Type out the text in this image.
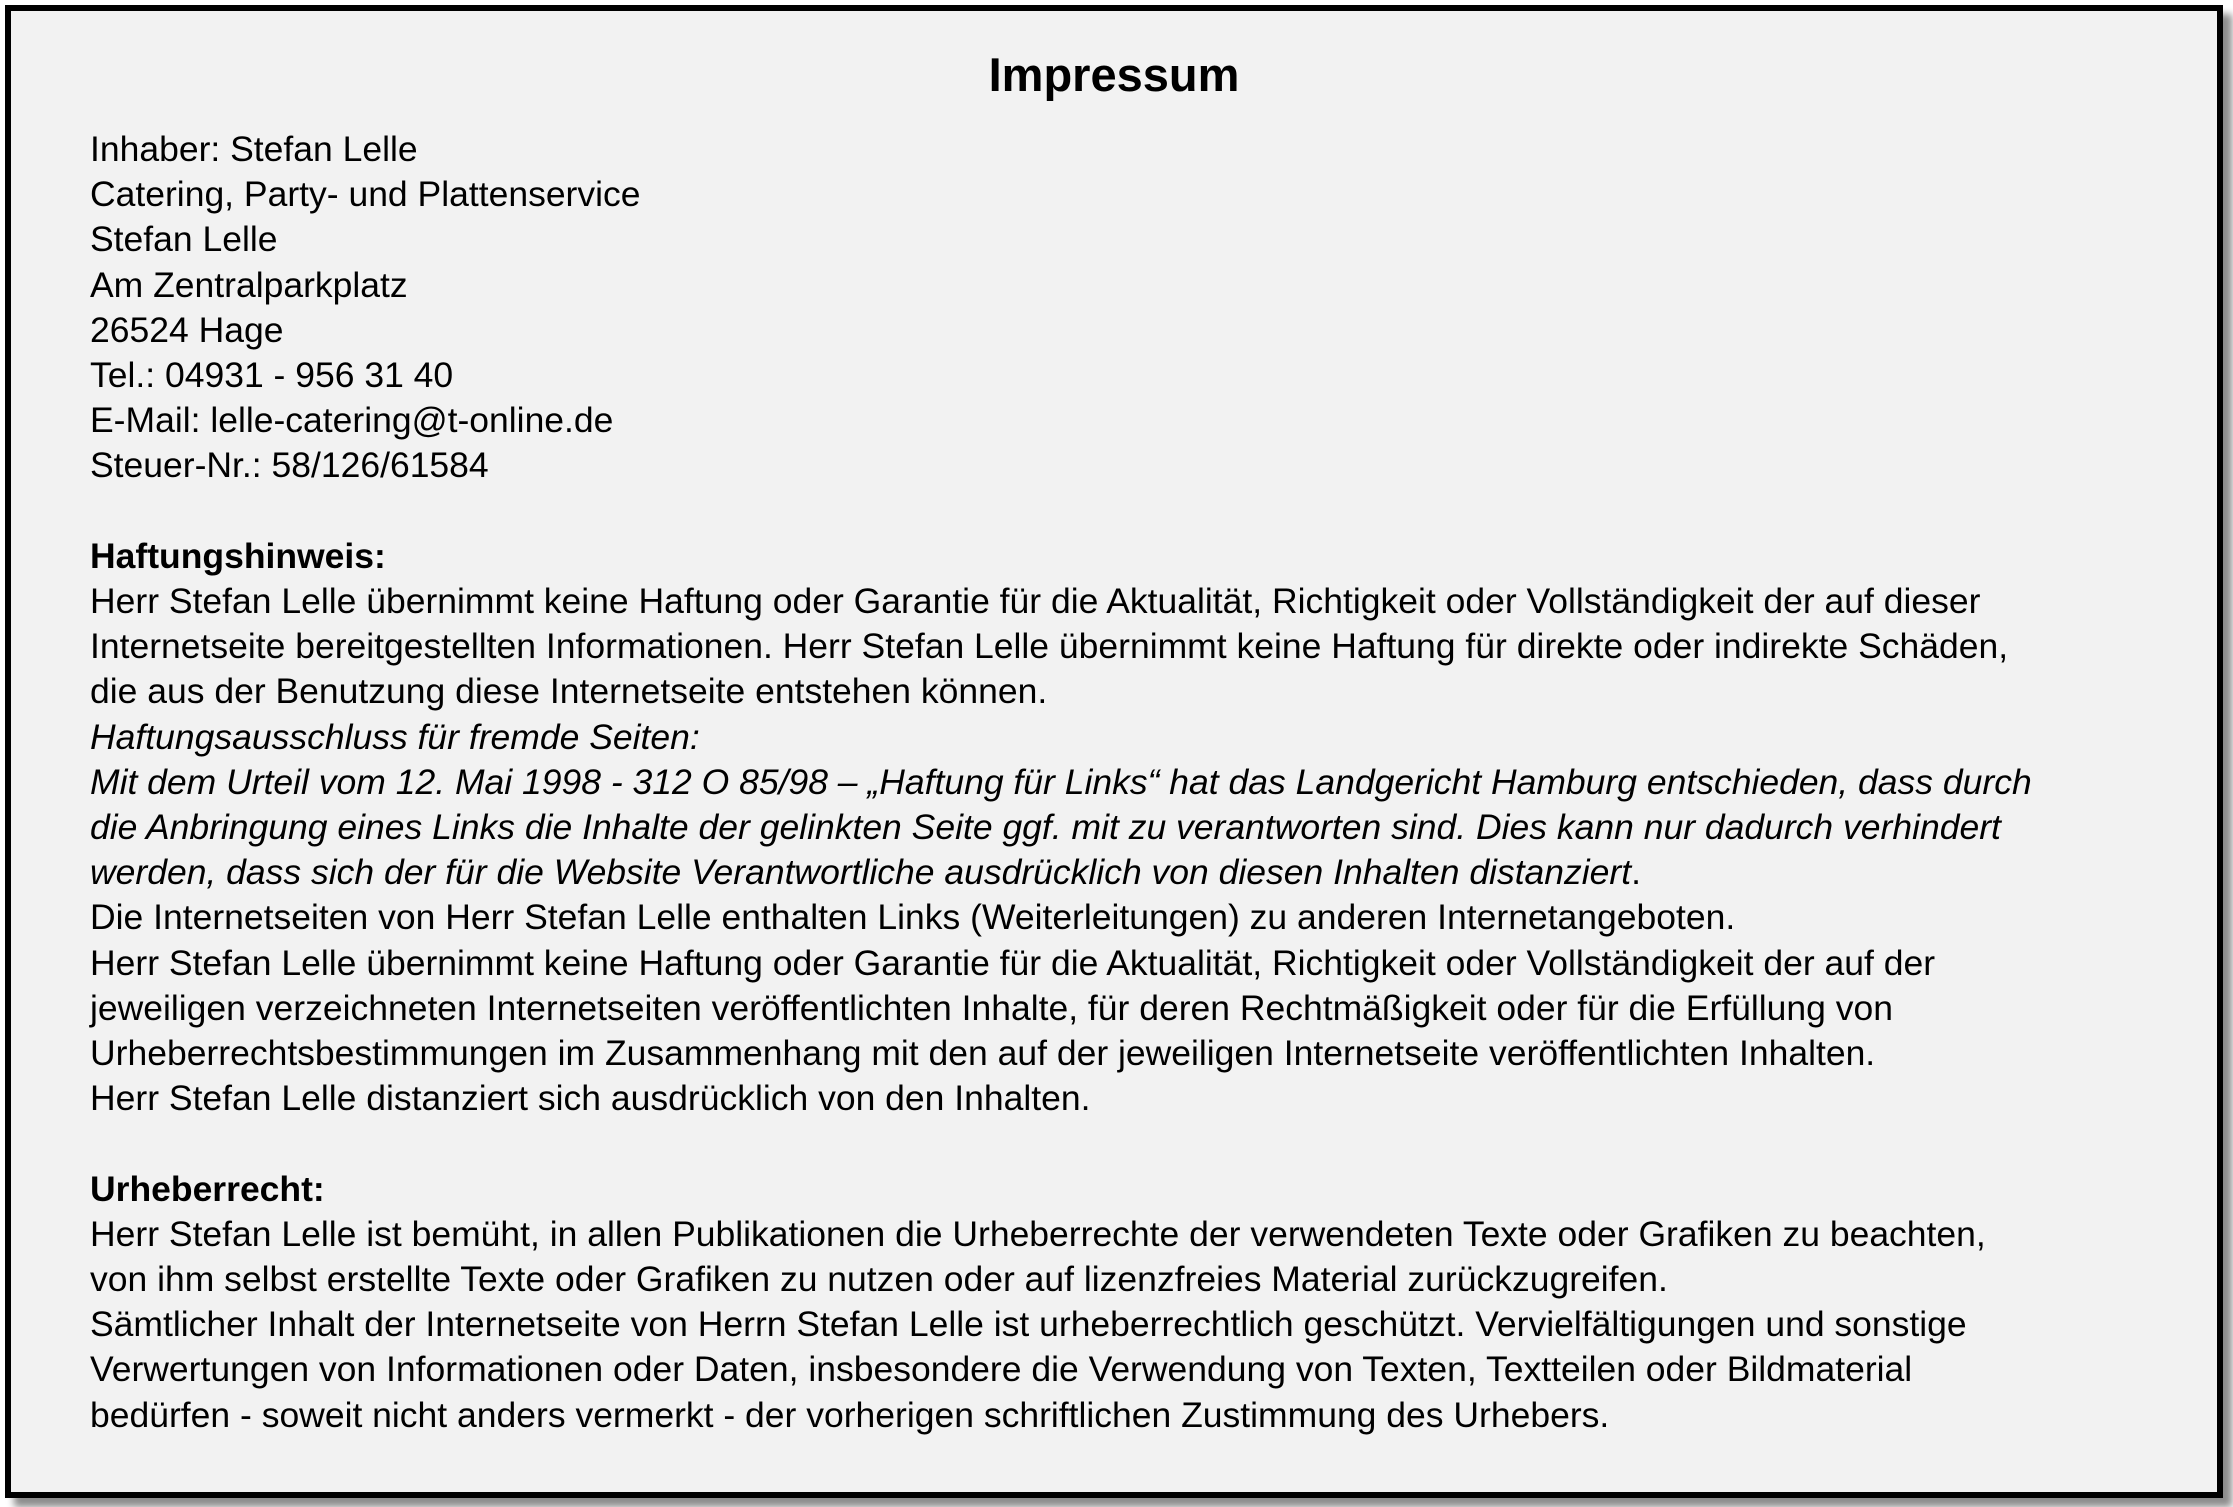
Impressum
Inhaber: Stefan Lelle
Catering, Party- und Plattenservice
Stefan Lelle
Am Zentralparkplatz
26524 Hage
Tel.: 04931 - 956 31 40
E-Mail: lelle-catering@t-online.de
Steuer-Nr.: 58/126/61584
Haftungshinweis:
Herr Stefan Lelle übernimmt keine Haftung oder Garantie für die Aktualität, Richtigkeit oder Vollständigkeit der auf dieser
Internetseite bereitgestellten Informationen. Herr Stefan Lelle übernimmt keine Haftung für direkte oder indirekte Schäden,
die aus der Benutzung diese Internetseite entstehen können.
Haftungsausschluss für fremde Seiten:
Mit dem Urteil vom 12. Mai 1998 - 312 O 85/98 – „Haftung für Links“ hat das Landgericht Hamburg entschieden, dass durch
die Anbringung eines Links die Inhalte der gelinkten Seite ggf. mit zu verantworten sind. Dies kann nur dadurch verhindert
werden, dass sich der für die Website Verantwortliche ausdrücklich von diesen Inhalten distanziert.
Die Internetseiten von Herr Stefan Lelle enthalten Links (Weiterleitungen) zu anderen Internetangeboten.
Herr Stefan Lelle übernimmt keine Haftung oder Garantie für die Aktualität, Richtigkeit oder Vollständigkeit der auf der
jeweiligen verzeichneten Internetseiten veröffentlichten Inhalte, für deren Rechtmäßigkeit oder für die Erfüllung von
Urheberrechtsbestimmungen im Zusammenhang mit den auf der jeweiligen Internetseite veröffentlichten Inhalten.
Herr Stefan Lelle distanziert sich ausdrücklich von den Inhalten.
Urheberrecht:
Herr Stefan Lelle ist bemüht, in allen Publikationen die Urheberrechte der verwendeten Texte oder Grafiken zu beachten,
von ihm selbst erstellte Texte oder Grafiken zu nutzen oder auf lizenzfreies Material zurückzugreifen.
Sämtlicher Inhalt der Internetseite von Herrn Stefan Lelle ist urheberrechtlich geschützt. Vervielfältigungen und sonstige
Verwertungen von Informationen oder Daten, insbesondere die Verwendung von Texten, Textteilen oder Bildmaterial
bedürfen - soweit nicht anders vermerkt - der vorherigen schriftlichen Zustimmung des Urhebers.
